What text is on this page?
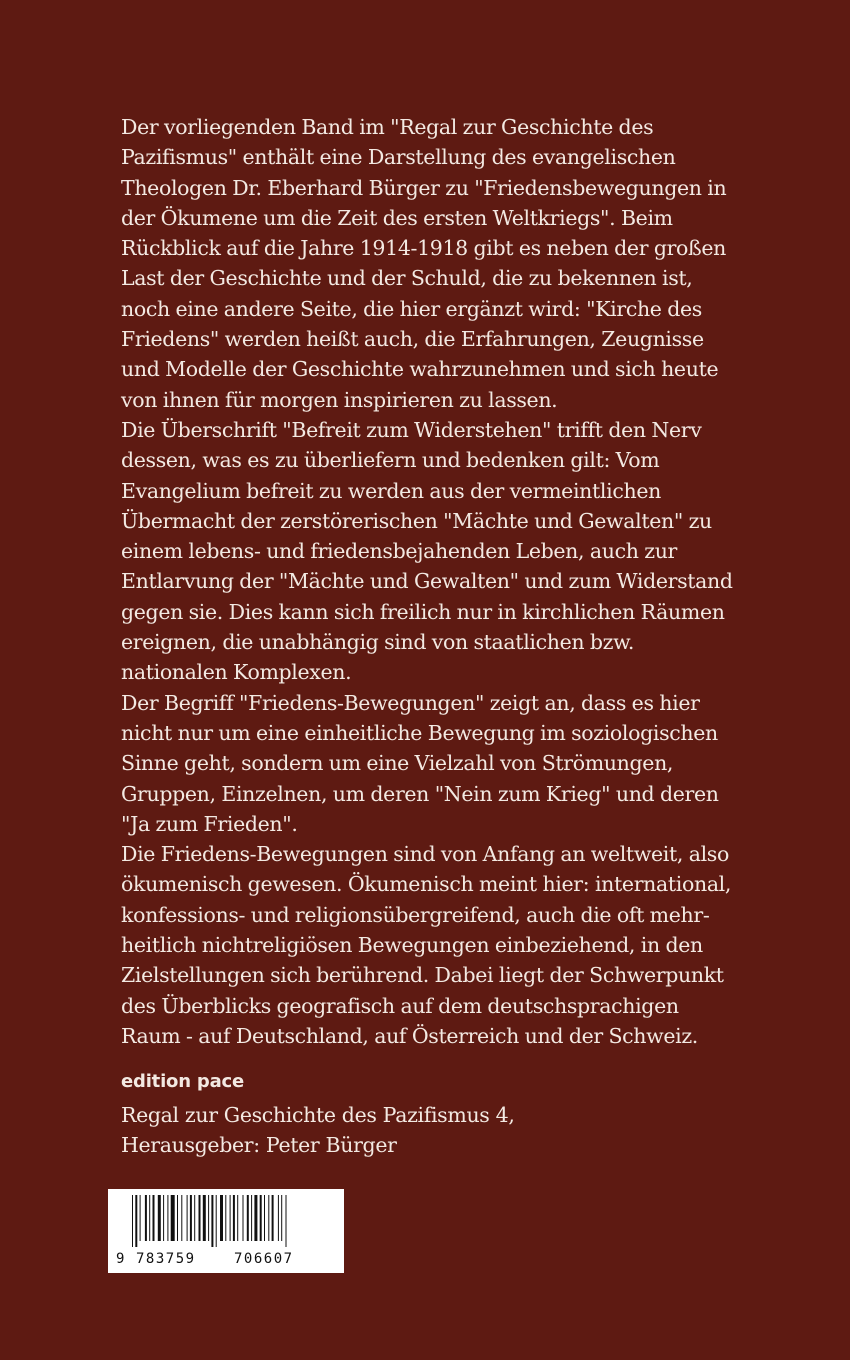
Der vorliegenden Band im "Regal zur Geschichte des Pazifismus" enthält eine Darstellung des evangelischen Theologen Dr. Eberhard Bürger zu "Friedensbewegungen in der Ökumene um die Zeit des ersten Weltkriegs". Beim Rückblick auf die Jahre 1914-1918 gibt es neben der großen Last der Geschichte und der Schuld, die zu bekennen ist, noch eine andere Seite, die hier ergänzt wird: "Kirche des Friedens" werden heißt auch, die Erfahrungen, Zeugnisse und Modelle der Geschichte wahrzunehmen und sich heute von ihnen für morgen inspirieren zu lassen.

Die Überschrift "Befreit zum Widerstehen" trifft den Nerv dessen, was es zu überliefern und bedenken gilt: Vom Evangelium befreit zu werden aus der vermeintlichen Übermacht der zerstörerischen "Mächte und Gewalten" zu einem lebens- und friedensbejahenden Leben, auch zur Entlarvung der "Mächte und Gewalten" und zum Widerstand gegen sie. Dies kann sich freilich nur in kirchlichen Räumen ereignen, die unabhängig sind von staatlichen bzw. nationalen Komplexen.

Der Begriff "Friedens-Bewegungen" zeigt an, dass es hier nicht nur um eine einheitliche Bewegung im soziologischen Sinne geht, sondern um eine Vielzahl von Strömungen, Gruppen, Einzelnen, um deren "Nein zum Krieg" und deren "Ja zum Frieden".

Die Friedens-Bewegungen sind von Anfang an weltweit, also ökumenisch gewesen. Ökumenisch meint hier: international, konfessions- und religionsübergreifend, auch die oft mehrheitlich nichtreligiösen Bewegungen einbeziehend, in den Zielstellungen sich berührend. Dabei liegt der Schwerpunkt des Überblicks geografisch auf dem deutschsprachigen Raum - auf Deutschland, auf Österreich und der Schweiz.

edition pace
Regal zur Geschichte des Pazifismus 4,
Herausgeber: Peter Bürger
9 783759	706607
